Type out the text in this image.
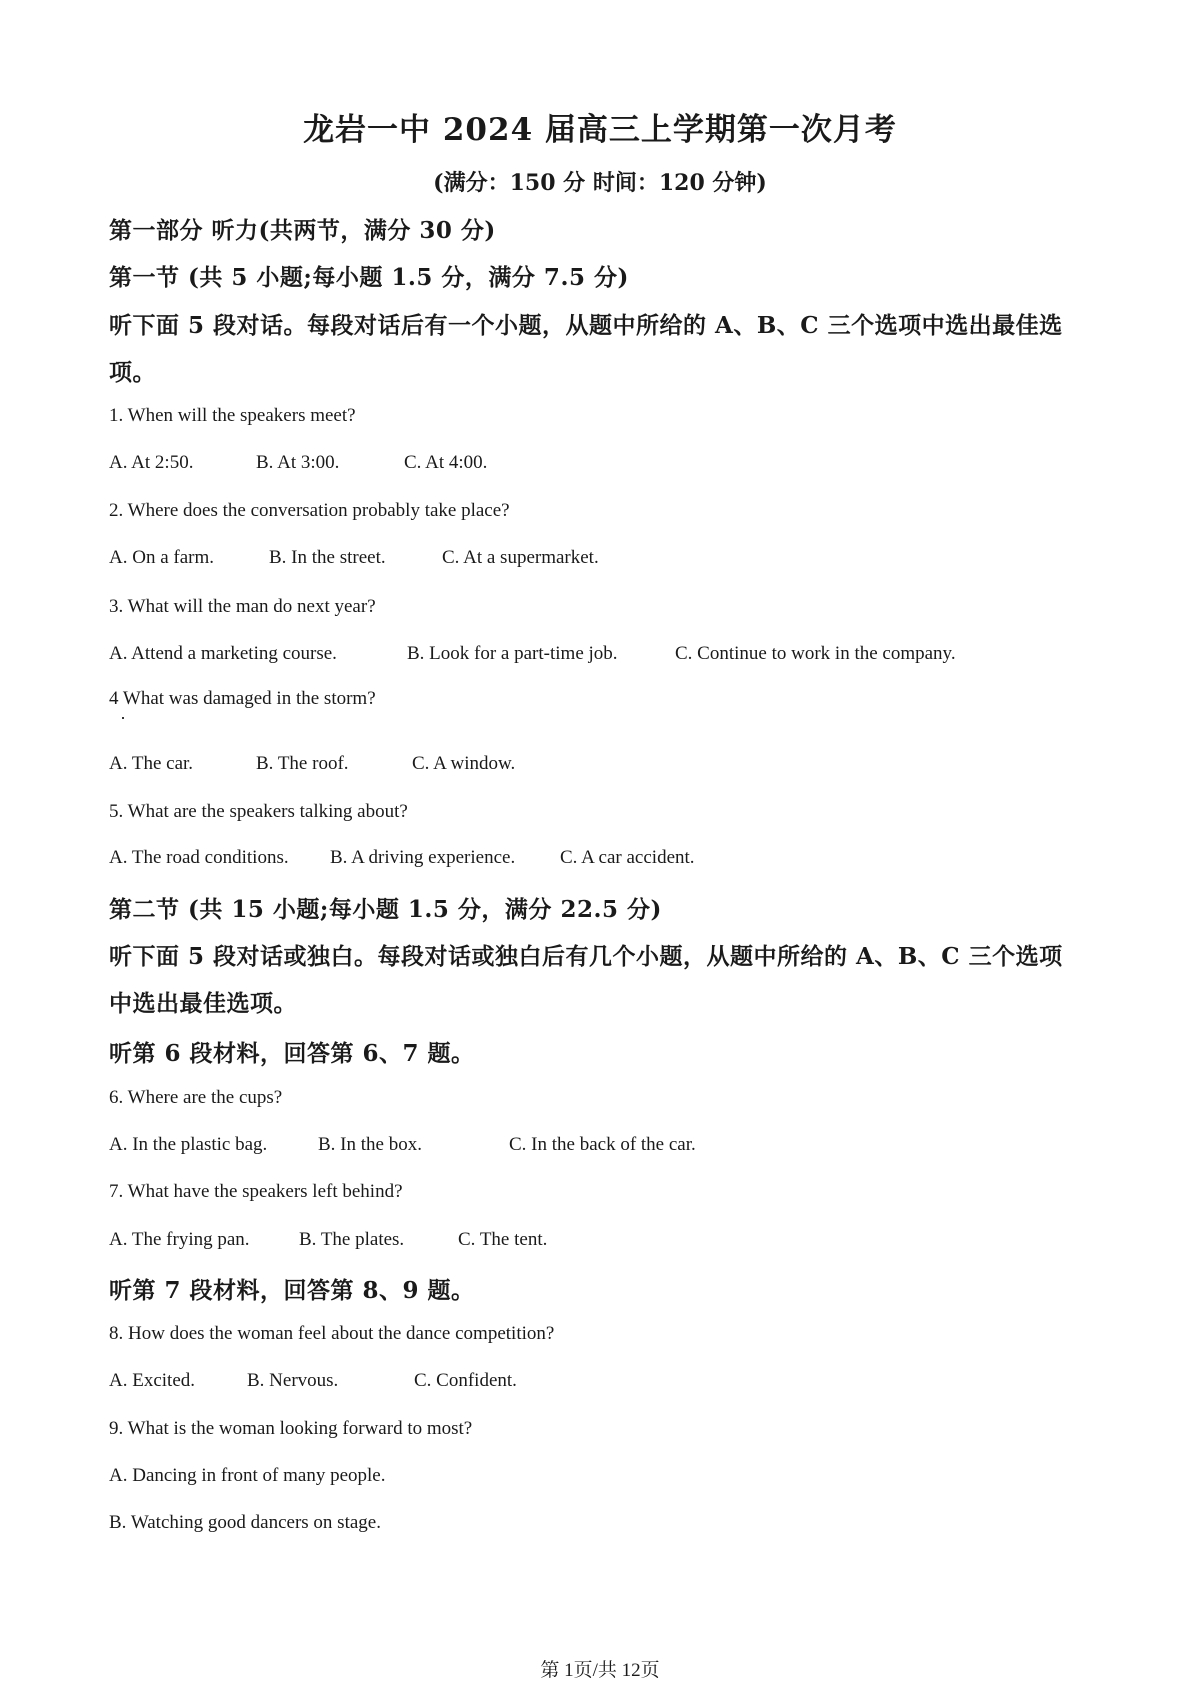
龙岩一中 2024 届高三上学期第一次月考
(满分：150 分 时间：120 分钟)
第一部分 听力(共两节，满分 30 分)
第一节 (共 5 小题;每小题 1.5 分，满分 7.5 分)
听下面 5 段对话。每段对话后有一个小题，从题中所给的 A、B、C 三个选项中选出最佳选
项。
1. When will the speakers meet?
A. At 2:50.	B. At 3:00.	C. At 4:00.
2. Where does the conversation probably take place?
A. On a farm.	B. In the street.	C. At a supermarket.
3. What will the man do next year?
A. Attend a marketing course.	B. Look for a part-time job.	C. Continue to work in the company.
4 What was damaged in the storm?
A. The car.	B. The roof.	C. A window.
5. What are the speakers talking about?
A. The road conditions. B. A driving experience. C. A car accident.
第二节 (共 15 小题;每小题 1.5 分，满分 22.5 分)
听下面 5 段对话或独白。每段对话或独白后有几个小题，从题中所给的 A、B、C 三个选项
中选出最佳选项。
听第 6 段材料，回答第 6、7 题。
6. Where are the cups?
A. In the plastic bag.	B. In the box.	C. In the back of the car.
7. What have the speakers left behind?
A. The frying pan.	B. The plates.	C. The tent.
听第 7 段材料，回答第 8、9 题。
8. How does the woman feel about the dance competition?
A. Excited.	B. Nervous.	C. Confident.
9. What is the woman looking forward to most?
A. Dancing in front of many people.
B. Watching good dancers on stage.
第 1页/共 12页
